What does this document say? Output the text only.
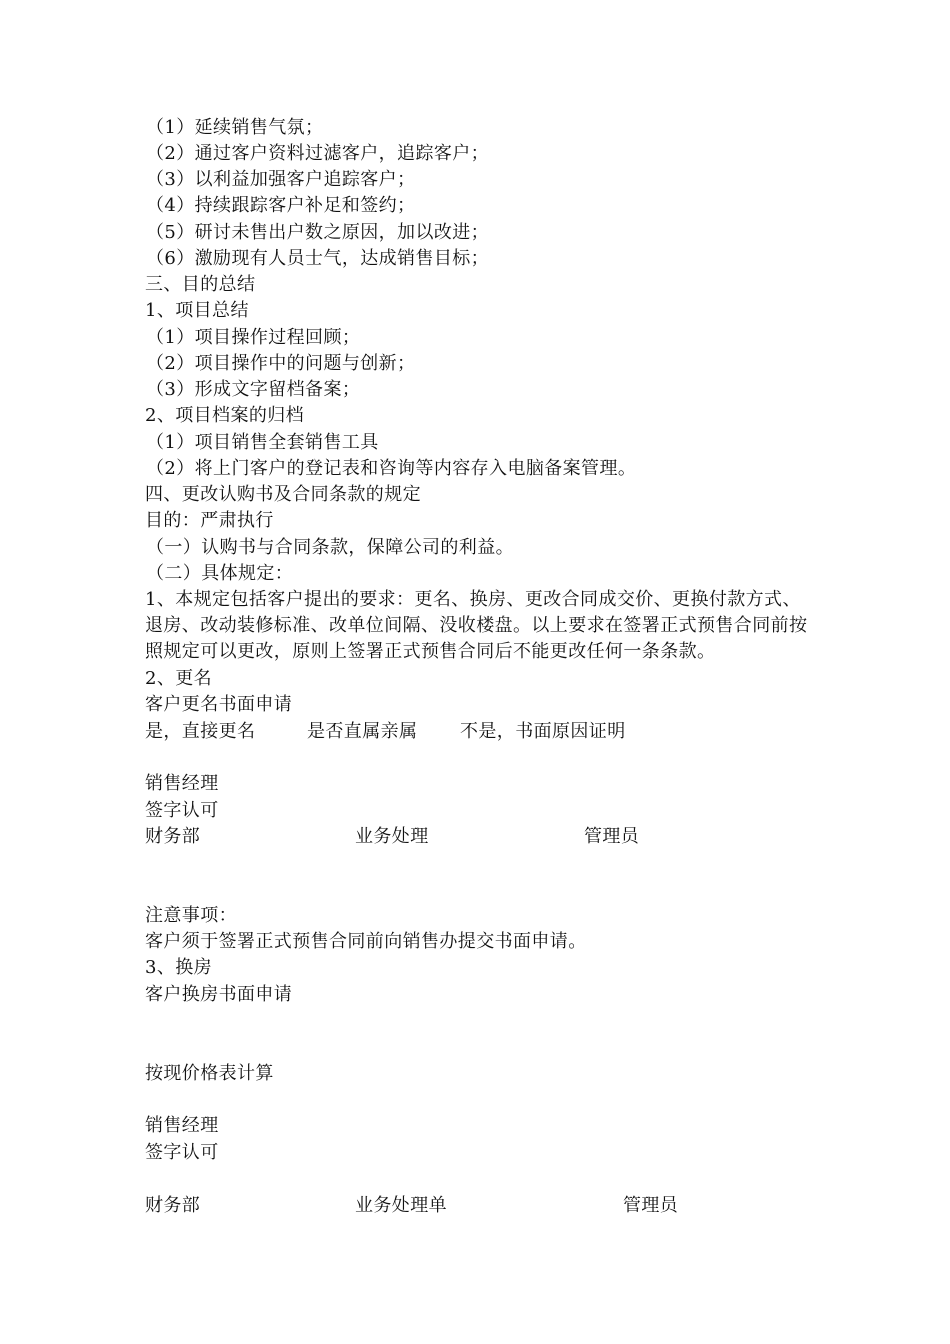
（1）延续销售气氛；
（2）通过客户资料过滤客户，追踪客户；
（3）以利益加强客户追踪客户；
（4）持续跟踪客户补足和签约；
（5）研讨未售出户数之原因，加以改进；
（6）激励现有人员士气，达成销售目标；
三、目的总结
1、项目总结
（1）项目操作过程回顾；
（2）项目操作中的问题与创新；
（3）形成文字留档备案；
2、项目档案的归档
（1）项目销售全套销售工具
（2）将上门客户的登记表和咨询等内容存入电脑备案管理。
四、更改认购书及合同条款的规定
目的：严肃执行
（一）认购书与合同条款，保障公司的利益。
（二）具体规定：
1、本规定包括客户提出的要求：更名、换房、更改合同成交价、更换付款方式、退房、改动装修标准、改单位间隔、没收楼盘。以上要求在签署正式预售合同前按照规定可以更改，原则上签署正式预售合同后不能更改任何一条条款。
2、更名
客户更名书面申请
是，直接更名	是否直属亲属 不是，书面原因证明
销售经理
签字认可
财务部	业务处理	管理员
注意事项：
客户须于签署正式预售合同前向销售办提交书面申请。
3、换房
客户换房书面申请
按现价格表计算
销售经理
签字认可
财务部	业务处理单	管理员
